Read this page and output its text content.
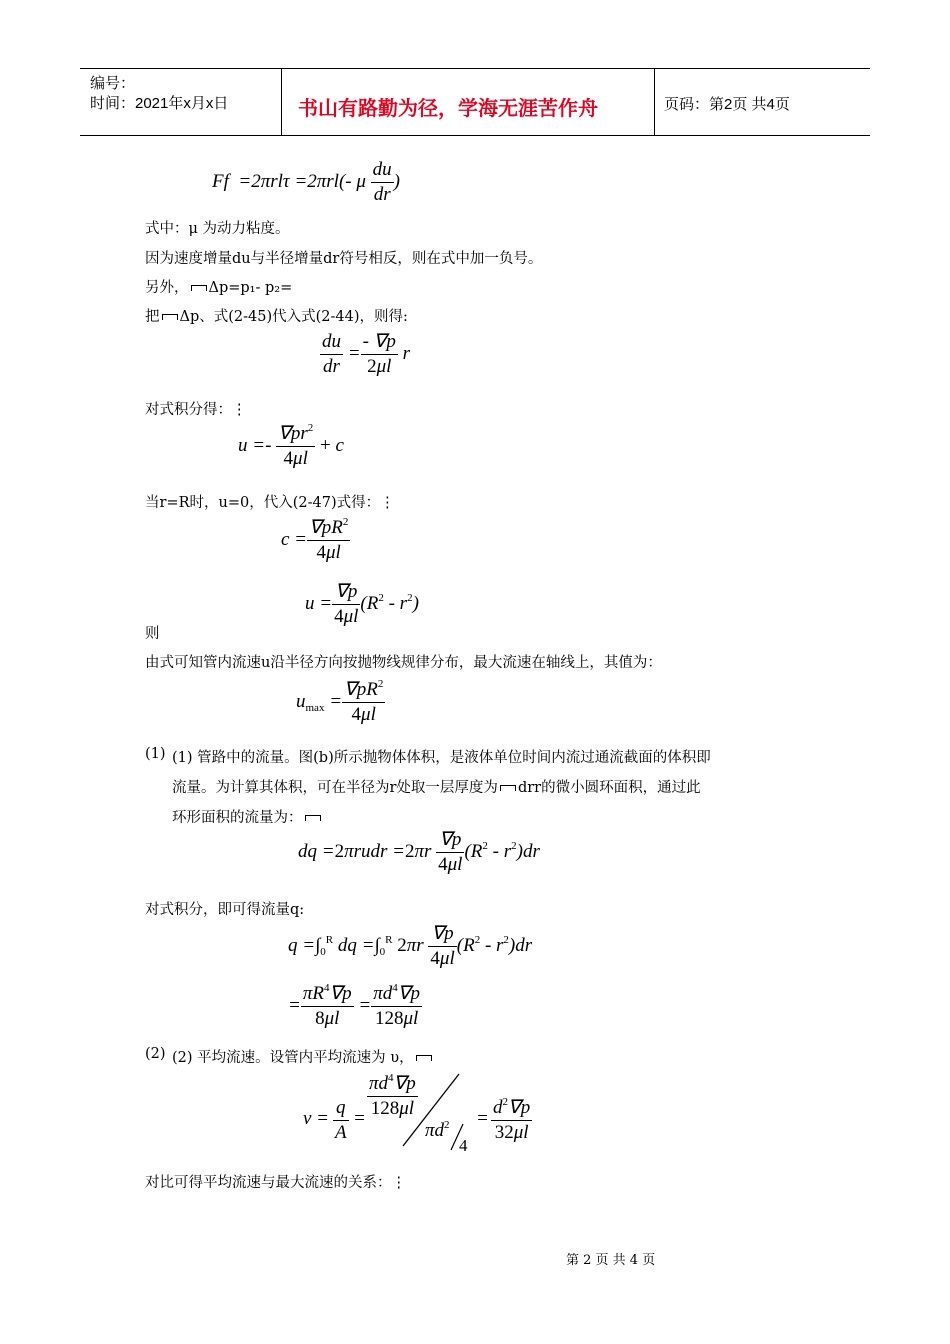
编号：
时间：2021年x月x日	书山有路勤为径，学海无涯苦作舟	页码：第2页 共4页
Ff  =2πrlτ =2πrl(- μ $\frac{du}{dr}$ )
式中：μ 为动力粘度。
因为速度增量du与半径增量dr符号相反，则在式中加一负号。
另外， Δp=p₁- p₂=
把 Δp、式(2-45)代入式(2-44)，则得:
$\frac{du}{dr} = \frac{- \nabla p}{2\mu l}$ r
对式积分得：⋮
$u =- \frac{\nabla pr^2}{4\mu l} + c$
当r=R时，u=0，代入(2-47)式得：⋮
$c = \frac{\nabla pR^2}{4\mu l}$
$u = \frac{\nabla p}{4\mu l} (R^2 - r^2)$
则
由式可知管内流速u沿半径方向按抛物线规律分布，最大流速在轴线上，其值为：
$u_{max} = \frac{\nabla pR^2}{4\mu l}$
(1) (1) 管路中的流量。图(b)所示抛物体体积，是液体单位时间内流过通流截面的体积即
流量。为计算其体积，可在半径为r处取一层厚度为 drr的微小圆环面积，通过此
环形面积的流量为：
dq =2πrudr $=2\pi r \frac{\nabla p}{4\mu l} (R^2 - r^2)dr$
对式积分，即可得流量q:
$q =\int_0^R$ dq $=\int_0^R$ $2\pi r \frac{\nabla p}{4\mu l} (R^2 - r^2)dr$
= $\frac{\pi R^4\nabla p}{8\mu l} = \frac{\pi d^4\nabla p}{128\mu l}$
(2) (2) 平均流速。设管内平均流速为 υ，
$v = \frac{q}{A} = \frac{\pi d^4\nabla p}{128\mu l}$
$\pi d^2$
4
= $\frac{d^2\nabla p}{32\mu l}$
对比可得平均流速与最大流速的关系：⋮
第 2 页 共 4 页
